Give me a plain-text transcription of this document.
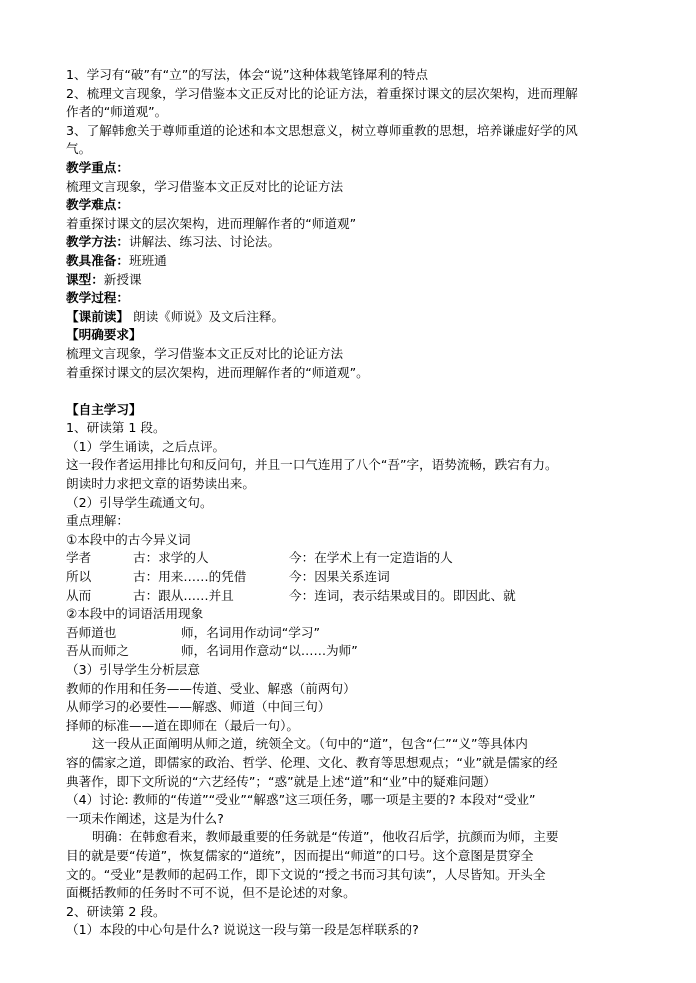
1、学习有“破”有“立”的写法，体会“说”这种体栽笔锋犀利的特点
2、梳理文言现象，学习借鉴本文正反对比的论证方法，着重探讨课文的层次架构，进而理解
作者的“师道观”。
3、了解韩愈关于尊师重道的论述和本文思想意义，树立尊师重教的思想，培养谦虚好学的风
气。
教学重点：
梳理文言现象，学习借鉴本文正反对比的论证方法
教学难点：
着重探讨课文的层次架构，进而理解作者的“师道观”
教学方法：讲解法、练习法、讨论法。
教具准备：班班通
课型：新授课
教学过程：
【课前读】 朗读《师说》及文后注释。
【明确要求】
梳理文言现象，学习借鉴本文正反对比的论证方法
着重探讨课文的层次架构，进而理解作者的“师道观”。
【自主学习】
1、研读第 1 段。
（1）学生诵读，之后点评。
这一段作者运用排比句和反问句，并且一口气连用了八个“吾”字，语势流畅，跌宕有力。
朗读时力求把文章的语势读出来。
（2）引导学生疏通文句。
重点理解：
①本段中的古今异义词
学者	古：求学的人	今：在学术上有一定造诣的人
所以	古：用来……的凭借	今：因果关系连词
从而	古：跟从……并且	今：连词，表示结果或目的。即因此、就
②本段中的词语活用现象
吾师道也	师，名词用作动词“学习”
吾从而师之	师，名词用作意动“以……为师”
（3）引导学生分析层意
教师的作用和任务——传道、受业、解惑（前两句）
从师学习的必要性——解惑、师道（中间三句）
择师的标准——道在即师在（最后一句）。
这一段从正面阐明从师之道，统领全文。（句中的“道”，包含“仁”“义”等具体内
容的儒家之道，即儒家的政治、哲学、伦理、文化、教育等思想观点；“业”就是儒家的经
典著作，即下文所说的“六艺经传”；“惑”就是上述“道”和“业”中的疑难问题）
（4）讨论: 教师的“传道”“受业”“解惑”这三项任务，哪一项是主要的? 本段对“受业”
一项未作阐述，这是为什么?
明确：在韩愈看来，教师最重要的任务就是“传道”，他收召后学，抗颜而为师，主要
目的就是要“传道”，恢复儒家的“道统”，因而提出“师道”的口号。这个意图是贯穿全
文的。“受业”是教师的起码工作，即下文说的“授之书而习其句读”，人尽皆知。开头全
面概括教师的任务时不可不说，但不是论述的对象。
2、研读第 2 段。
（1）本段的中心句是什么? 说说这一段与第一段是怎样联系的?
